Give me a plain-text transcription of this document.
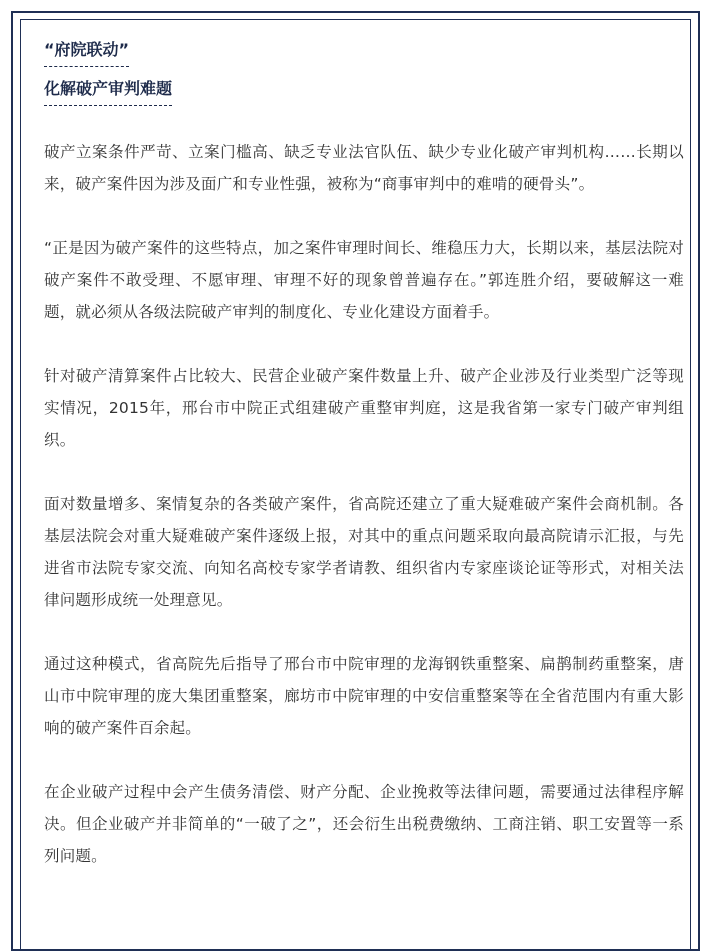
“府院联动”
化解破产审判难题

破产立案条件严苛、立案门槛高、缺乏专业法官队伍、缺少专业化破产审判机构……长期以来，破产案件因为涉及面广和专业性强，被称为“商事审判中的难啃的硬骨头”。

“正是因为破产案件的这些特点，加之案件审理时间长、维稳压力大，长期以来，基层法院对破产案件不敢受理、不愿审理、审理不好的现象曾普遍存在。”郭连胜介绍，要破解这一难题，就必须从各级法院破产审判的制度化、专业化建设方面着手。

针对破产清算案件占比较大、民营企业破产案件数量上升、破产企业涉及行业类型广泛等现实情况，2015年，邢台市中院正式组建破产重整审判庭，这是我省第一家专门破产审判组织。

面对数量增多、案情复杂的各类破产案件，省高院还建立了重大疑难破产案件会商机制。各基层法院会对重大疑难破产案件逐级上报，对其中的重点问题采取向最高院请示汇报，与先进省市法院专家交流、向知名高校专家学者请教、组织省内专家座谈论证等形式，对相关法律问题形成统一处理意见。

通过这种模式，省高院先后指导了邢台市中院审理的龙海钢铁重整案、扁鹊制药重整案，唐山市中院审理的庞大集团重整案，廊坊市中院审理的中安信重整案等在全省范围内有重大影响的破产案件百余起。

在企业破产过程中会产生债务清偿、财产分配、企业挽救等法律问题，需要通过法律程序解决。但企业破产并非简单的“一破了之”，还会衍生出税费缴纳、工商注销、职工安置等一系列问题。
